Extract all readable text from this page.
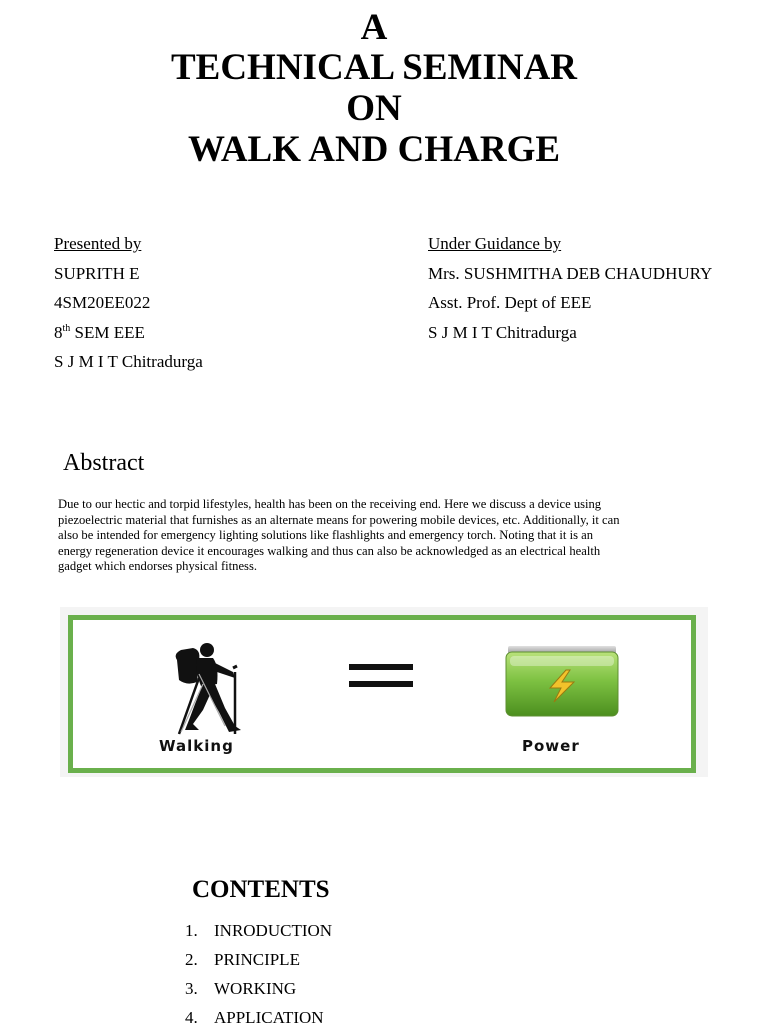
A
TECHNICAL SEMINAR
ON
WALK AND CHARGE
Presented by
SUPRITH E
4SM20EE022
8th SEM EEE
S J M I T Chitradurga
Under Guidance by
Mrs. SUSHMITHA DEB CHAUDHURY
Asst. Prof. Dept of EEE
S J M I T Chitradurga
Abstract
Due to our hectic and torpid lifestyles, health has been on the receiving end. Here we discuss a device using
piezoelectric material that furnishes as an alternate means for powering mobile devices, etc. Additionally, it can
also be intended for emergency lighting solutions like flashlights and emergency torch. Noting that it is an
energy regeneration device it encourages walking and thus can also be acknowledged as an electrical health
gadget which endorses physical fitness.
Walking	Power
CONTENTS
1. INRODUCTION
2. PRINCIPLE
3. WORKING
4. APPLICATION
